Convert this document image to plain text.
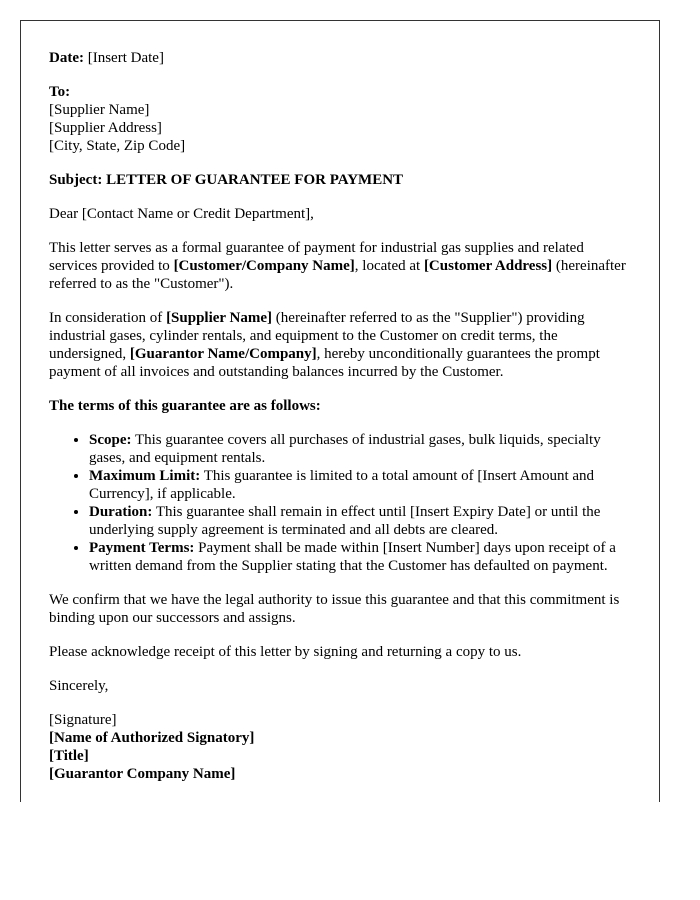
Date: [Insert Date]

To:
[Supplier Name]
[Supplier Address]
[City, State, Zip Code]

Subject: LETTER OF GUARANTEE FOR PAYMENT

Dear [Contact Name or Credit Department],

This letter serves as a formal guarantee of payment for industrial gas supplies and related services provided to [Customer/Company Name], located at [Customer Address] (hereinafter referred to as the "Customer").

In consideration of [Supplier Name] (hereinafter referred to as the "Supplier") providing industrial gases, cylinder rentals, and equipment to the Customer on credit terms, the undersigned, [Guarantor Name/Company], hereby unconditionally guarantees the prompt payment of all invoices and outstanding balances incurred by the Customer.

The terms of this guarantee are as follows:

• Scope: This guarantee covers all purchases of industrial gases, bulk liquids, specialty gases, and equipment rentals.
• Maximum Limit: This guarantee is limited to a total amount of [Insert Amount and Currency], if applicable.
• Duration: This guarantee shall remain in effect until [Insert Expiry Date] or until the underlying supply agreement is terminated and all debts are cleared.
• Payment Terms: Payment shall be made within [Insert Number] days upon receipt of a written demand from the Supplier stating that the Customer has defaulted on payment.

We confirm that we have the legal authority to issue this guarantee and that this commitment is binding upon our successors and assigns.

Please acknowledge receipt of this letter by signing and returning a copy to us.

Sincerely,

[Signature]
[Name of Authorized Signatory]
[Title]
[Guarantor Company Name]
